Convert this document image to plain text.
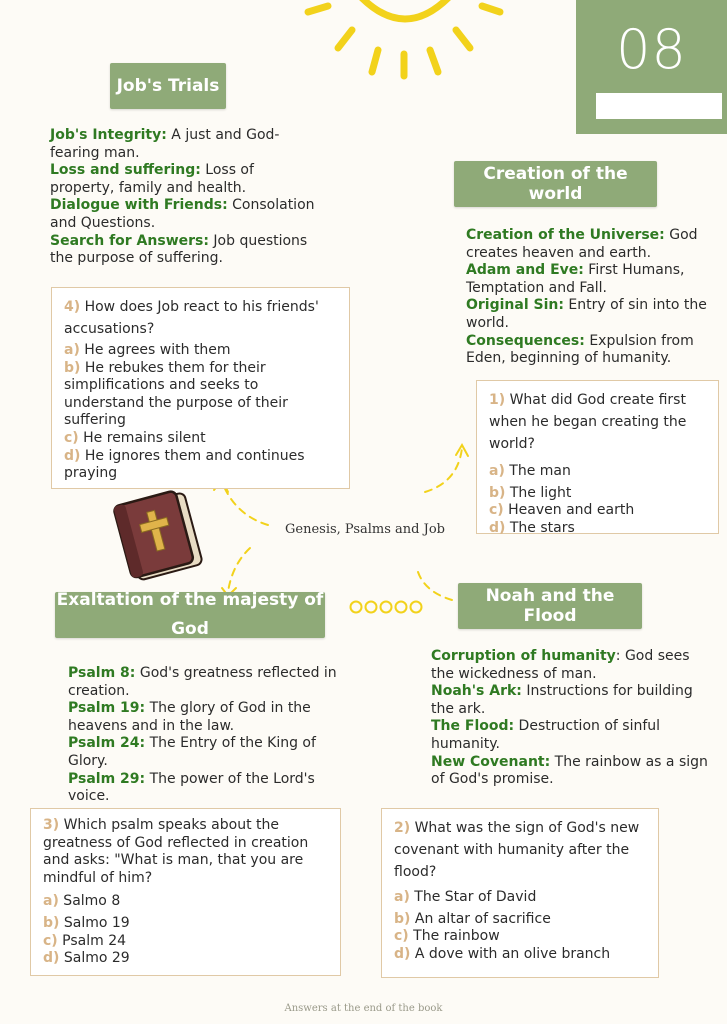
08
Job's Trials

Job's Integrity: A just and God-fearing man.

Loss and suffering: Loss of property, family and health.

Dialogue with Friends: Consolation and Questions.

Search for Answers: Job questions the purpose of suffering.

4) How does Job react to his friends' accusations?

a) He agrees with them

b) He rebukes them for their simplifications and seeks to understand the purpose of their suffering

c) He remains silent

d) He ignores them and continues praying

Creation of the world

Creation of the Universe: God creates heaven and earth.

Adam and Eve: First Humans, Temptation and Fall.

Original Sin: Entry of sin into the world.

Consequences: Expulsion from Eden, beginning of humanity.

1) What did God create first when he began creating the world?

a) The man

b) The light

c) Heaven and earth

d) The stars

Genesis, Psalms and Job
Exaltation of the majesty of God

Psalm 8: God's greatness reflected in creation.

Psalm 19: The glory of God in the heavens and in the law.

Psalm 24: The Entry of the King of Glory.

Psalm 29: The power of the Lord's voice.

Noah and the Flood

Corruption of humanity: God sees the wickedness of man.

Noah's Ark: Instructions for building the ark.

The Flood: Destruction of sinful humanity.

New Covenant: The rainbow as a sign of God's promise.

3) Which psalm speaks about the greatness of God reflected in creation and asks: "What is man, that you are mindful of him?

a) Salmo 8

b) Salmo 19

c) Psalm 24

d) Salmo 29

2) What was the sign of God's new covenant with humanity after the flood?

a) The Star of David

b) An altar of sacrifice

c) The rainbow

d) A dove with an olive branch

Answers at the end of the book
